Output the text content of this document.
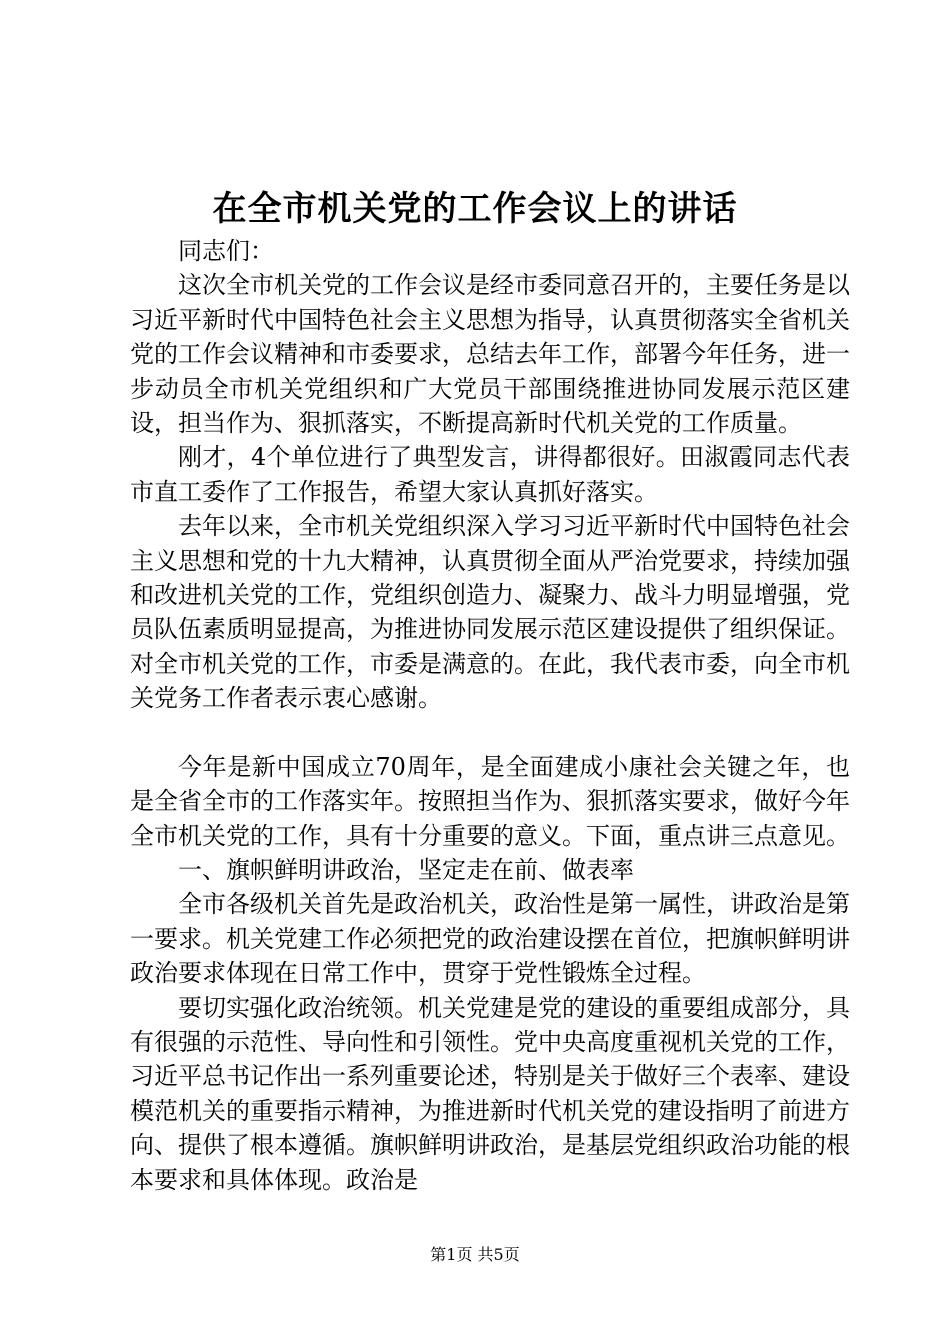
在全市机关党的工作会议上的讲话

同志们：

这次全市机关党的工作会议是经市委同意召开的，主要任务是以习近平新时代中国特色社会主义思想为指导，认真贯彻落实全省机关党的工作会议精神和市委要求，总结去年工作，部署今年任务，进一步动员全市机关党组织和广大党员干部围绕推进协同发展示范区建设，担当作为、狠抓落实，不断提高新时代机关党的工作质量。

刚才，4个单位进行了典型发言，讲得都很好。田淑霞同志代表市直工委作了工作报告，希望大家认真抓好落实。

去年以来，全市机关党组织深入学习习近平新时代中国特色社会主义思想和党的十九大精神，认真贯彻全面从严治党要求，持续加强和改进机关党的工作，党组织创造力、凝聚力、战斗力明显增强，党员队伍素质明显提高，为推进协同发展示范区建设提供了组织保证。对全市机关党的工作，市委是满意的。在此，我代表市委，向全市机关党务工作者表示衷心感谢。

今年是新中国成立70周年，是全面建成小康社会关键之年，也是全省全市的工作落实年。按照担当作为、狠抓落实要求，做好今年全市机关党的工作，具有十分重要的意义。下面，重点讲三点意见。

一、旗帜鲜明讲政治，坚定走在前、做表率

全市各级机关首先是政治机关，政治性是第一属性，讲政治是第一要求。机关党建工作必须把党的政治建设摆在首位，把旗帜鲜明讲政治要求体现在日常工作中，贯穿于党性锻炼全过程。

要切实强化政治统领。机关党建是党的建设的重要组成部分，具有很强的示范性、导向性和引领性。党中央高度重视机关党的工作，习近平总书记作出一系列重要论述，特别是关于做好三个表率、建设模范机关的重要指示精神，为推进新时代机关党的建设指明了前进方向、提供了根本遵循。旗帜鲜明讲政治，是基层党组织政治功能的根本要求和具体体现。政治是

第1页 共5页
